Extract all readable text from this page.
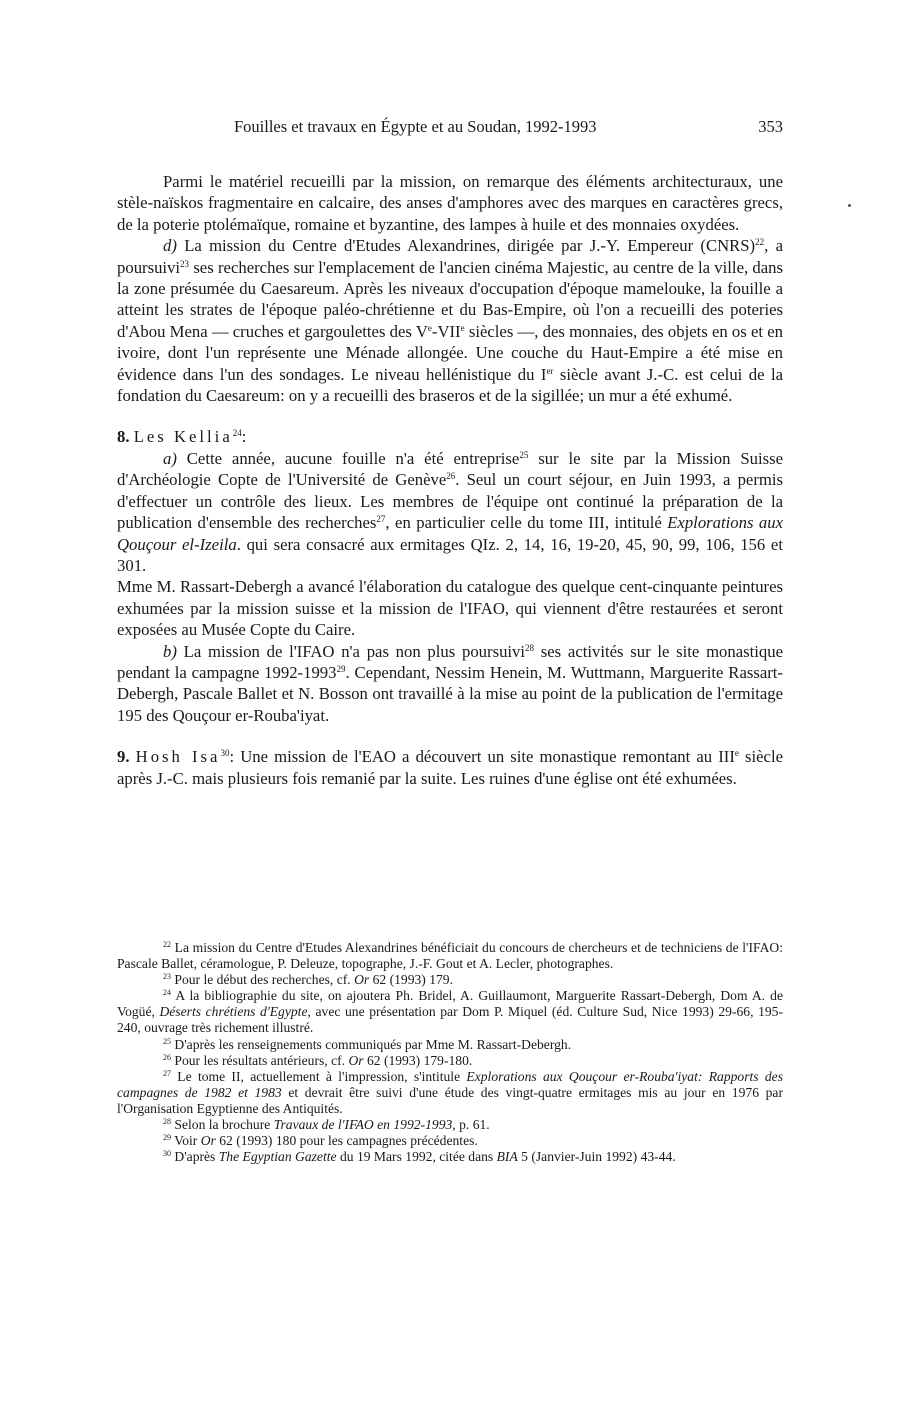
Fouilles et travaux en Égypte et au Soudan, 1992-1993	353

Parmi le matériel recueilli par la mission, on remarque des éléments architecturaux, une stèle-naïskos fragmentaire en calcaire, des anses d'amphores avec des marques en caractères grecs, de la poterie ptolémaïque, romaine et byzantine, des lampes à huile et des monnaies oxydées.

d) La mission du Centre d'Etudes Alexandrines, dirigée par J.-Y. Empereur (CNRS)$^{22}$, a poursuivi$^{23}$ ses recherches sur l'emplacement de l'ancien cinéma Majestic, au centre de la ville, dans la zone présumée du Caesareum. Après les niveaux d'occupation d'époque mamelouke, la fouille a atteint les strates de l'époque paléo-chrétienne et du Bas-Empire, où l'on a recueilli des poteries d'Abou Mena — cruches et gargoulettes des Ve-VIIe siècles —, des monnaies, des objets en os et en ivoire, dont l'un représente une Ménade allongée. Une couche du Haut-Empire a été mise en évidence dans l'un des sondages. Le niveau hellénistique du Ier siècle avant J.-C. est celui de la fondation du Caesareum: on y a recueilli des braseros et de la sigillée; un mur a été exhumé.

8. Les Kellia$^{24}$:

a) Cette année, aucune fouille n'a été entreprise$^{25}$ sur le site par la Mission Suisse d'Archéologie Copte de l'Université de Genève$^{26}$. Seul un court séjour, en Juin 1993, a permis d'effectuer un contrôle des lieux. Les membres de l'équipe ont continué la préparation de la publication d'ensemble des recherches$^{27}$, en particulier celle du tome III, intitulé Explorations aux Qouçour el-Izeila. qui sera consacré aux ermitages QIz. 2, 14, 16, 19-20, 45, 90, 99, 106, 156 et 301.

Mme M. Rassart-Debergh a avancé l'élaboration du catalogue des quelque cent-cinquante peintures exhumées par la mission suisse et la mission de l'IFAO, qui viennent d'être restaurées et seront exposées au Musée Copte du Caire.

b) La mission de l'IFAO n'a pas non plus poursuivi$^{28}$ ses activités sur le site monastique pendant la campagne 1992-1993$^{29}$. Cependant, Nessim Henein, M. Wuttmann, Marguerite Rassart-Debergh, Pascale Ballet et N. Bosson ont travaillé à la mise au point de la publication de l'ermitage 195 des Qouçour er-Rouba'iyat.

9. Hosh Isa$^{30}$: Une mission de l'EAO a découvert un site monastique remontant au IIIe siècle après J.-C. mais plusieurs fois remanié par la suite. Les ruines d'une église ont été exhumées.

$^{22}$ La mission du Centre d'Etudes Alexandrines bénéficiait du concours de chercheurs et de techniciens de l'IFAO: Pascale Ballet, céramologue, P. Deleuze, topographe, J.-F. Gout et A. Lecler, photographes.

$^{23}$ Pour le début des recherches, cf. Or 62 (1993) 179.

$^{24}$ A la bibliographie du site, on ajoutera Ph. Bridel, A. Guillaumont, Marguerite Rassart-Debergh, Dom A. de Vogüé, Déserts chrétiens d'Egypte, avec une présentation par Dom P. Miquel (éd. Culture Sud, Nice 1993) 29-66, 195-240, ouvrage très richement illustré.

$^{25}$ D'après les renseignements communiqués par Mme M. Rassart-Debergh.

$^{26}$ Pour les résultats antérieurs, cf. Or 62 (1993) 179-180.

$^{27}$ Le tome II, actuellement à l'impression, s'intitule Explorations aux Qouçour er-Rouba'iyat: Rapports des campagnes de 1982 et 1983 et devrait être suivi d'une étude des vingt-quatre ermitages mis au jour en 1976 par l'Organisation Egyptienne des Antiquités.

$^{28}$ Selon la brochure Travaux de l'IFAO en 1992-1993, p. 61.

$^{29}$ Voir Or 62 (1993) 180 pour les campagnes précédentes.

$^{30}$ D'après The Egyptian Gazette du 19 Mars 1992, citée dans BIA 5 (Janvier-Juin 1992) 43-44.
